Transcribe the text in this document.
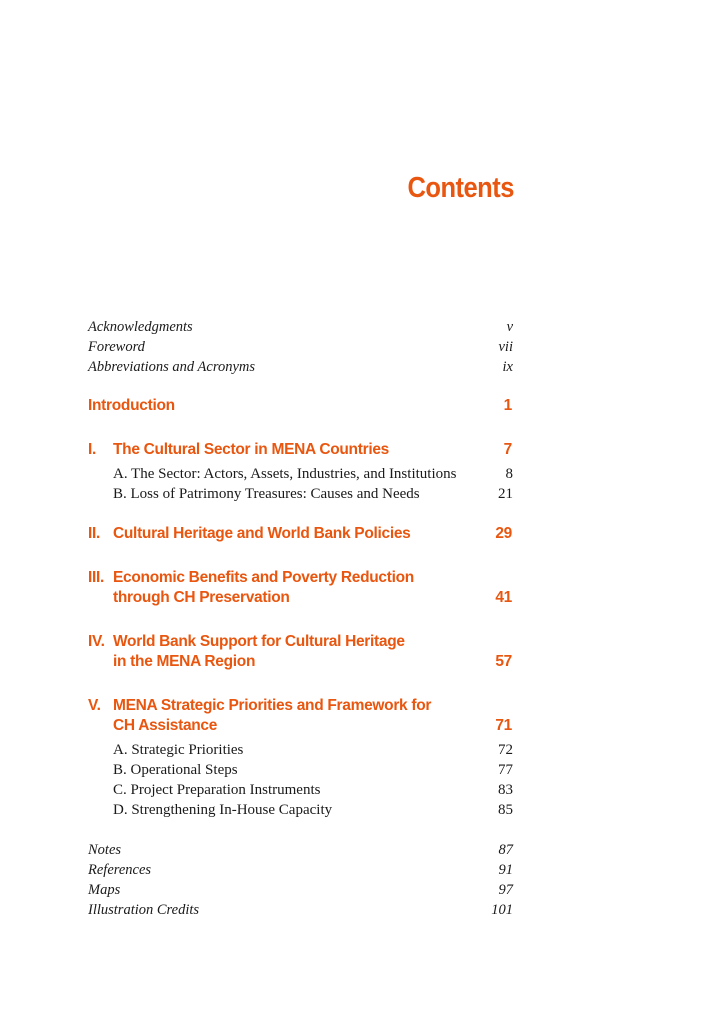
Contents
Acknowledgments	v
Foreword	vii
Abbreviations and Acronyms	ix
Introduction	1
I. The Cultural Sector in MENA Countries	7
A. The Sector: Actors, Assets, Industries, and Institutions	8
B. Loss of Patrimony Treasures: Causes and Needs	21
II. Cultural Heritage and World Bank Policies	29
III. Economic Benefits and Poverty Reduction
through CH Preservation	41
IV. World Bank Support for Cultural Heritage
in the MENA Region	57
V. MENA Strategic Priorities and Framework for
CH Assistance	71
A. Strategic Priorities	72
B. Operational Steps	77
C. Project Preparation Instruments	83
D. Strengthening In-House Capacity	85
Notes	87
References	91
Maps	97
Illustration Credits	101
